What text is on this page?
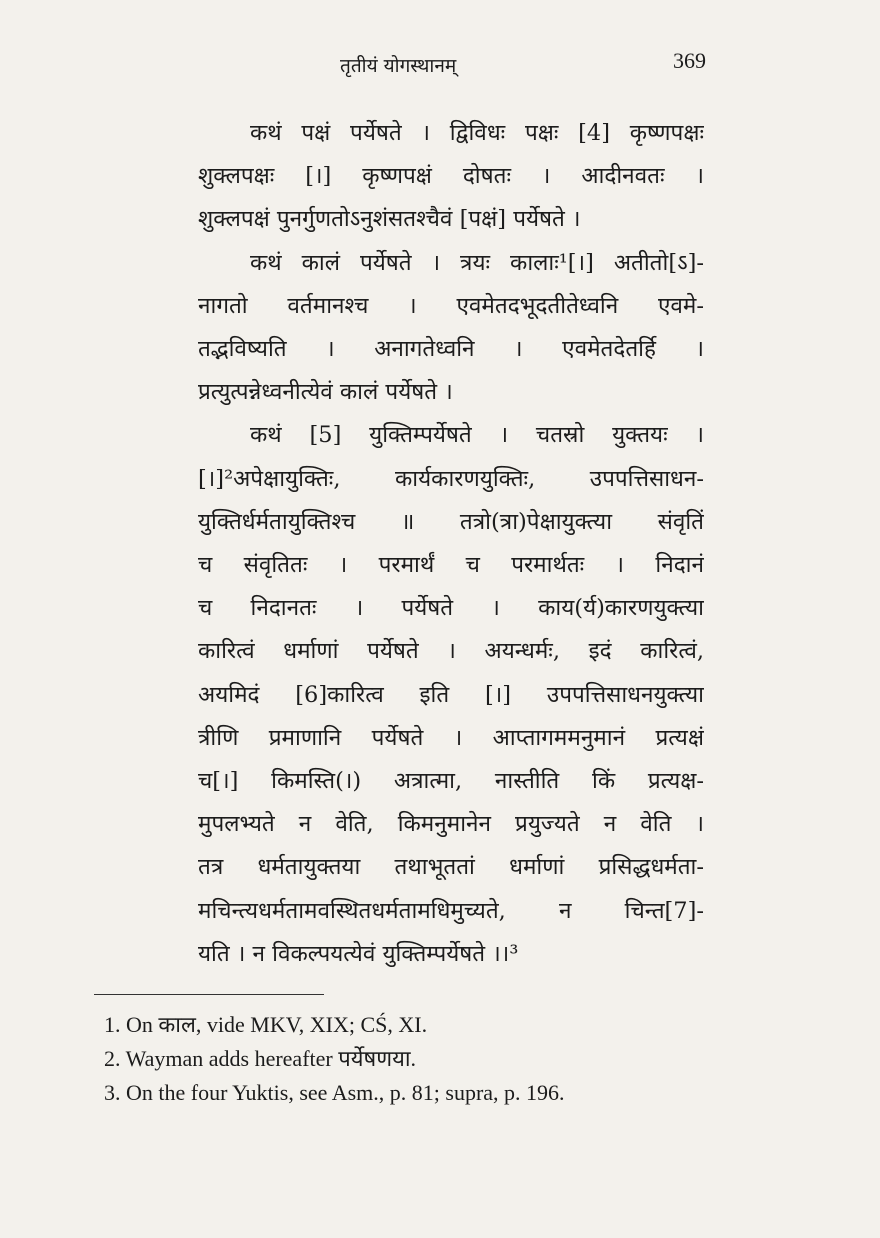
तृतीयं योगस्थानम्	369
कथं पक्षं पर्येषते । द्विविधः पक्षः [4] कृष्णपक्षः
शुक्लपक्षः [।] कृष्णपक्षं दोषतः । आदीनवतः ।
शुक्लपक्षं पुनर्गुणतोऽनुशंसतश्चैवं [पक्षं] पर्येषते ।
कथं कालं पर्येषते । त्रयः कालाः¹[।] अतीतो[ऽ]-
नागतो वर्तमानश्च । एवमेतदभूदतीतेध्वनि एवमे-
तद्भविष्यति । अनागतेध्वनि । एवमेतदेतर्हि ।
प्रत्युत्पन्नेध्वनीत्येवं कालं पर्येषते ।
कथं [5] युक्तिम्पर्येषते । चतस्रो युक्तयः ।
[।]²अपेक्षायुक्तिः, कार्यकारणयुक्तिः, उपपत्तिसाधन-
युक्तिर्धर्मतायुक्तिश्च ॥ तत्रो(त्रा)पेक्षायुक्त्या संवृतिं
च संवृतितः । परमार्थं च परमार्थतः । निदानं
च निदानतः । पर्येषते । काय(र्य)कारणयुक्त्या
कारित्वं धर्माणां पर्येषते । अयन्धर्मः, इदं कारित्वं,
अयमिदं [6]कारित्व इति [।] उपपत्तिसाधनयुक्त्या
त्रीणि प्रमाणानि पर्येषते । आप्तागममनुमानं प्रत्यक्षं
च[।] किमस्ति(।) अत्रात्मा, नास्तीति किं प्रत्यक्ष-
मुपलभ्यते न वेति, किमनुमानेन प्रयुज्यते न वेति ।
तत्र धर्मतायुक्तया तथाभूततां धर्माणां प्रसिद्धधर्मता-
मचिन्त्यधर्मतामवस्थितधर्मतामधिमुच्यते, न चिन्त[7]-
यति । न विकल्पयत्येवं युक्तिम्पर्येषते ।।³
1. On काल, vide MKV, XIX; CŚ, XI.
2. Wayman adds hereafter पर्येषणया.
3. On the four Yuktis, see Asm., p. 81; supra, p. 196.
